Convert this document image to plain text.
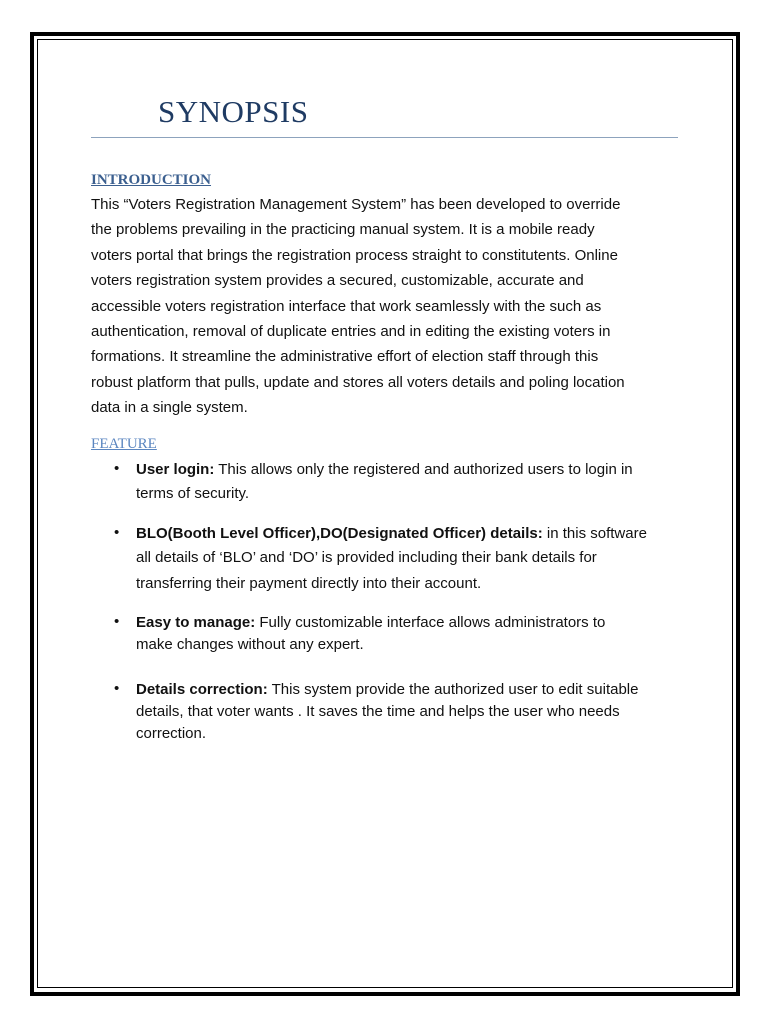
SYNOPSIS
INTRODUCTION
This “Voters Registration Management System” has been developed to override
the problems prevailing in the practicing manual system. It is a mobile ready
voters portal that brings the registration process straight to constitutents. Online
voters registration system provides a secured, customizable, accurate and
accessible voters registration interface that work seamlessly with the such as
authentication, removal of duplicate entries and in editing the existing voters in
formations. It streamline the administrative effort of election staff through this
robust platform that pulls, update and stores all voters details and poling location
data in a single system.
FEATURE
• User login: This allows only the registered and authorized users to login in
terms of security.
• BLO(Booth Level Officer),DO(Designated Officer) details: in this software
all details of ‘BLO’ and ‘DO’ is provided including their bank details for
transferring their payment directly into their account.
• Easy to manage: Fully customizable interface allows administrators to
make changes without any expert.
• Details correction: This system provide the authorized user to edit suitable
details, that voter wants . It saves the time and helps the user who needs
correction.
